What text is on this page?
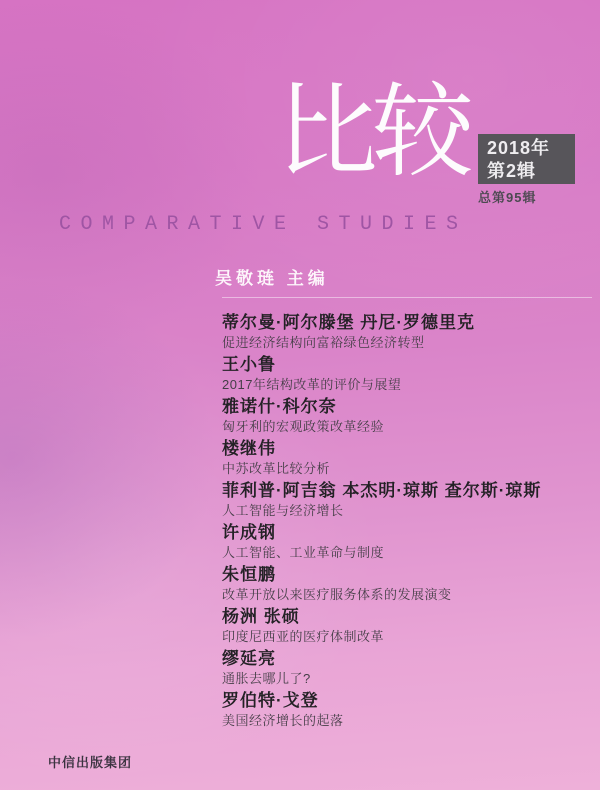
比较 2018年
第2辑
总第95辑
COMPARATIVE STUDIES
吴敬琏 主编
蒂尔曼·阿尔滕堡 丹尼·罗德里克
促进经济结构向富裕绿色经济转型
王小鲁
2017年结构改革的评价与展望
雅诺什·科尔奈
匈牙利的宏观政策改革经验
楼继伟
中苏改革比较分析
菲利普·阿吉翁 本杰明·琼斯 查尔斯·琼斯
人工智能与经济增长
许成钢
人工智能、工业革命与制度
朱恒鹏
改革开放以来医疗服务体系的发展演变
杨洲 张硕
印度尼西亚的医疗体制改革
缪延亮
通胀去哪儿了?
罗伯特·戈登
美国经济增长的起落
中信出版集团
